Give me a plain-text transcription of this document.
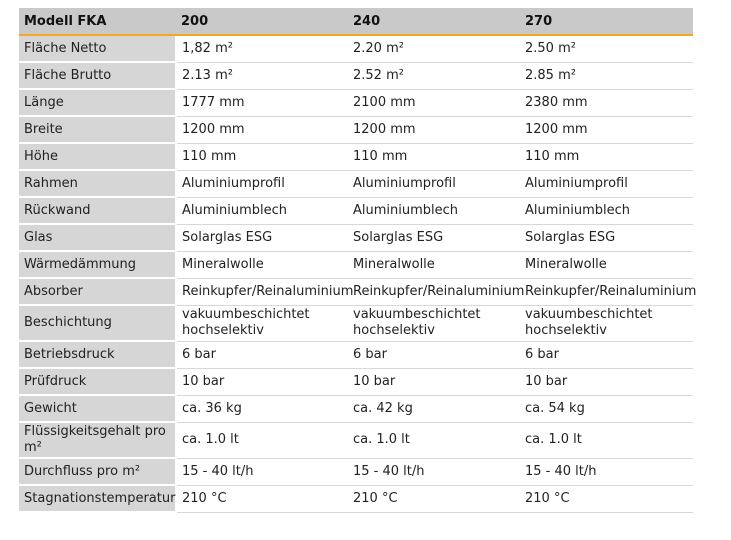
Modell FKA	200	240	270
Fläche Netto	1,82 m²	2.20 m²	2.50 m²
Fläche Brutto	2.13 m²	2.52 m²	2.85 m²
Länge	1777 mm	2100 mm	2380 mm
Breite	1200 mm	1200 mm	1200 mm
Höhe	110 mm	110 mm	110 mm
Rahmen	Aluminiumprofil	Aluminiumprofil	Aluminiumprofil
Rückwand	Aluminiumblech	Aluminiumblech	Aluminiumblech
Glas	Solarglas ESG	Solarglas ESG	Solarglas ESG
Wärmedämmung	Mineralwolle	Mineralwolle	Mineralwolle
Absorber	Reinkupfer/Reinaluminium	Reinkupfer/Reinaluminium	Reinkupfer/Reinaluminium
Beschichtung	vakuumbeschichtet hochselektiv	vakuumbeschichtet hochselektiv	vakuumbeschichtet hochselektiv
Betriebsdruck	6 bar	6 bar	6 bar
Prüfdruck	10 bar	10 bar	10 bar
Gewicht	ca. 36 kg	ca. 42 kg	ca. 54 kg
Flüssigkeitsgehalt pro m²	ca. 1.0 lt	ca. 1.0 lt	ca. 1.0 lt
Durchfluss pro m²	15 - 40 lt/h	15 - 40 lt/h	15 - 40 lt/h
Stagnationstemperatur	210 °C	210 °C	210 °C
